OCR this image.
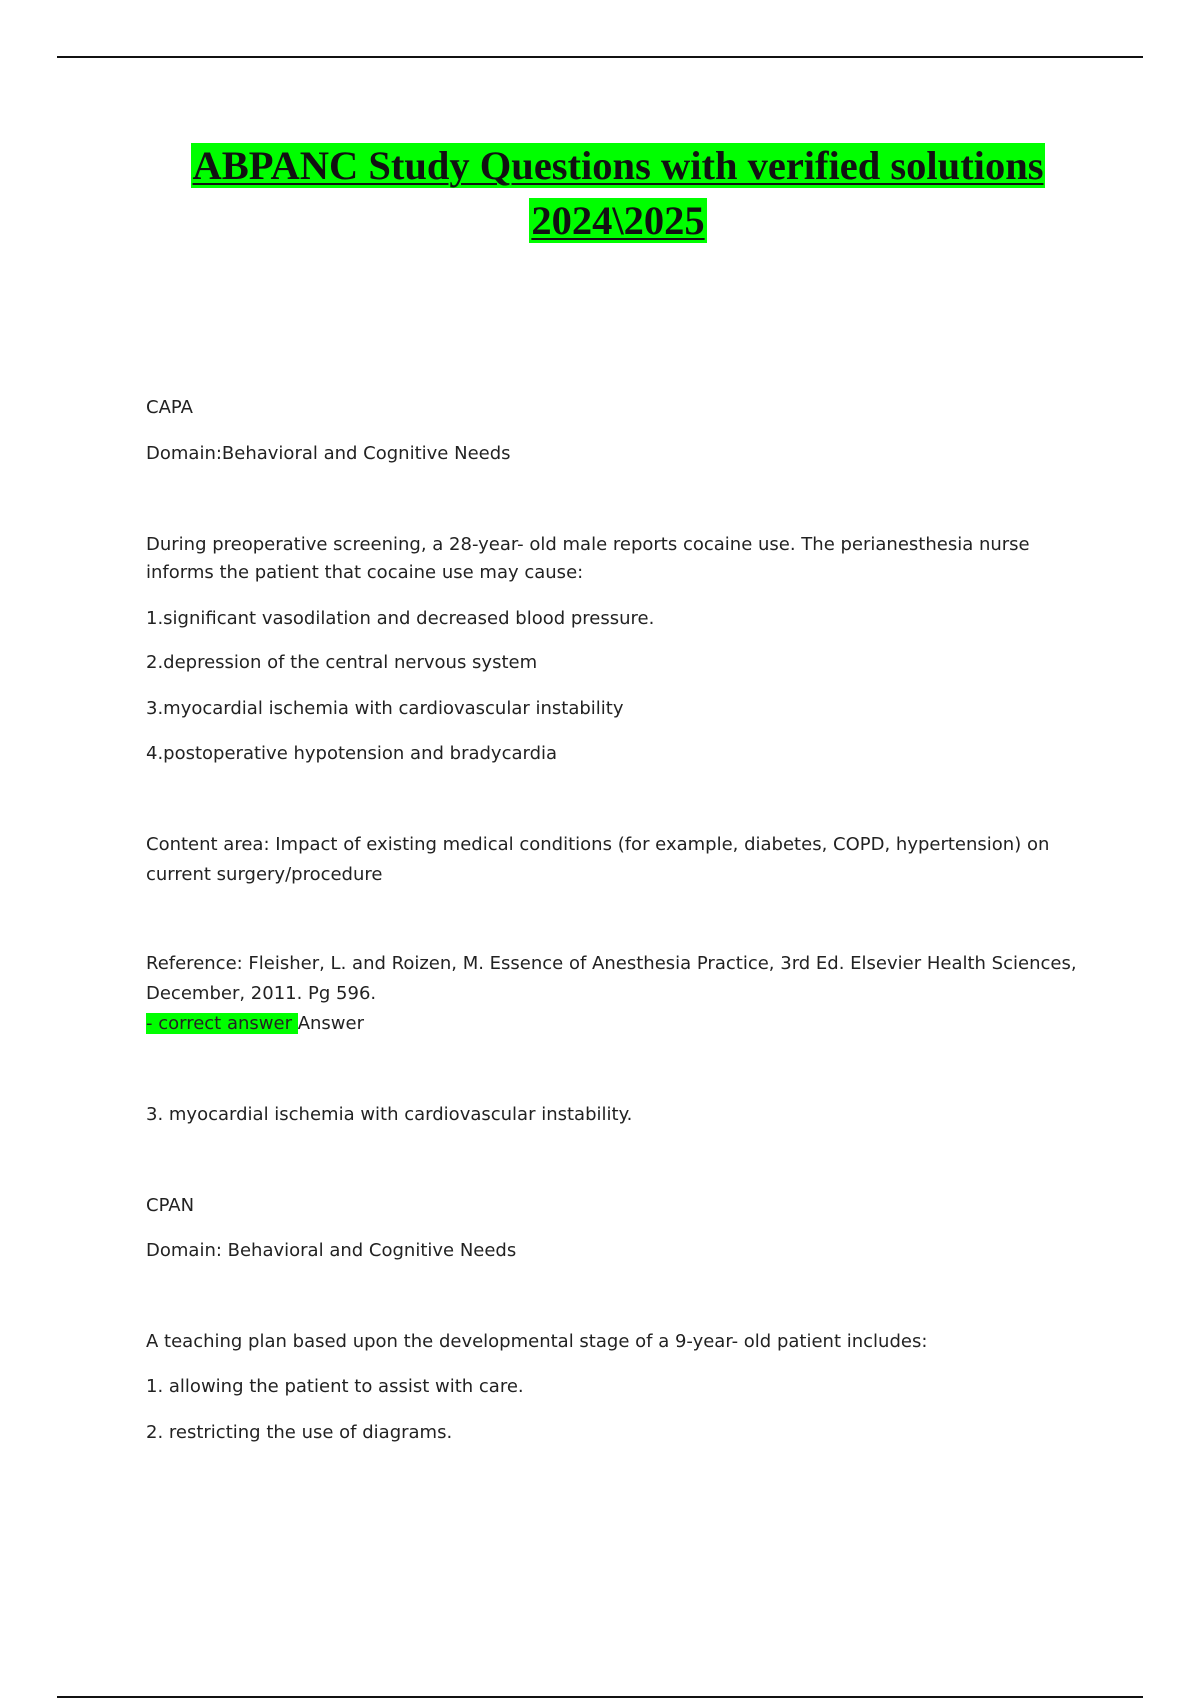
ABPANC Study Questions with verified solutions
2024\2025
CAPA
Domain:Behavioral and Cognitive Needs
During preoperative screening, a 28-year- old male reports cocaine use. The perianesthesia nurse
informs the patient that cocaine use may cause:
1.significant vasodilation and decreased blood pressure.
2.depression of the central nervous system
3.myocardial ischemia with cardiovascular instability
4.postoperative hypotension and bradycardia
Content area: Impact of existing medical conditions (for example, diabetes, COPD, hypertension) on
current surgery/procedure
Reference: Fleisher, L. and Roizen, M. Essence of Anesthesia Practice, 3rd Ed. Elsevier Health Sciences,
December, 2011. Pg 596.
- correct answer Answer
3. myocardial ischemia with cardiovascular instability.
CPAN
Domain: Behavioral and Cognitive Needs
A teaching plan based upon the developmental stage of a 9-year- old patient includes:
1. allowing the patient to assist with care.
2. restricting the use of diagrams.
